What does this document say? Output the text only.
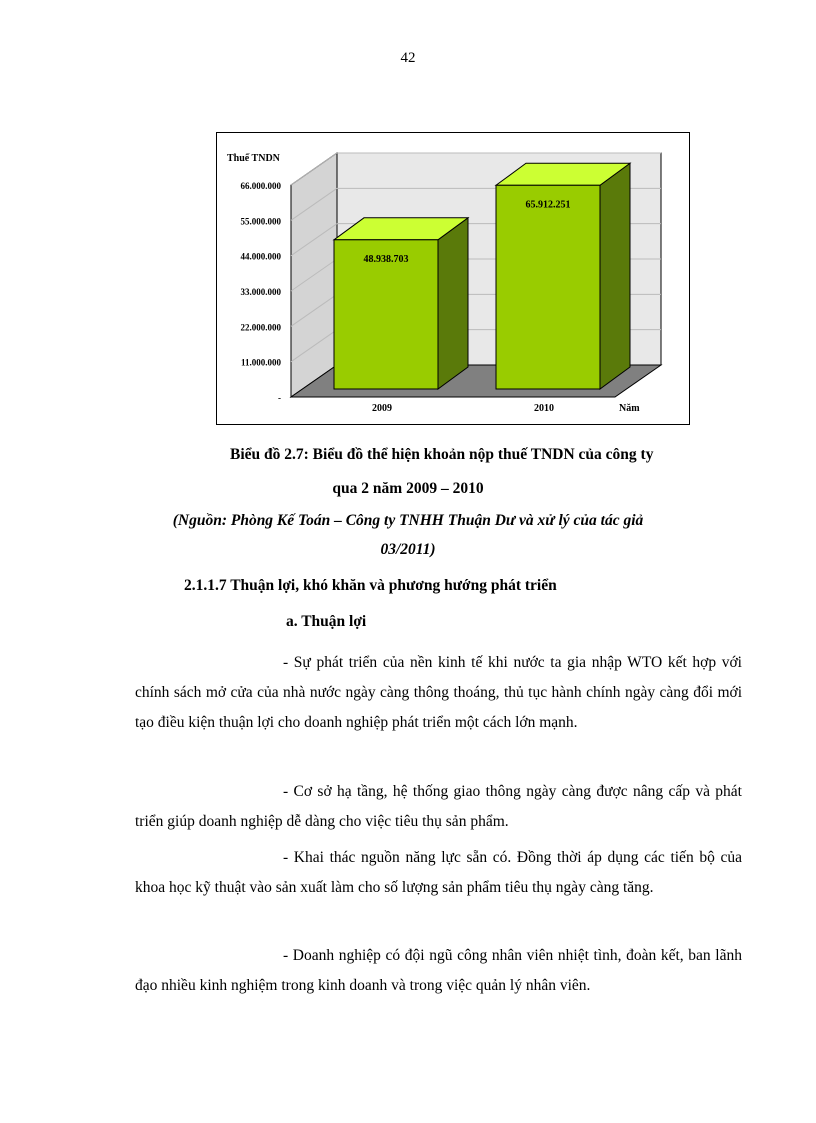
42
-
11.000.000
22.000.000
33.000.000
44.000.000
55.000.000
66.000.000
Thuế TNDN
48.938.703
2009
65.912.251
2010	Năm
Biểu đồ 2.7: Biểu đồ thể hiện khoản nộp thuế TNDN của công ty
qua 2 năm 2009 – 2010
(Nguồn: Phòng Kế Toán – Công ty TNHH Thuận Dư và xử lý của tác giả
03/2011)
2.1.1.7 Thuận lợi, khó khăn và phương hướng phát triển
a. Thuận lợi
- Sự phát triển của nền kinh tế khi nước ta gia nhập WTO kết hợp với chính sách mở cửa của nhà nước ngày càng thông thoáng, thủ tục hành chính ngày càng đổi mới tạo điều kiện thuận lợi cho doanh nghiệp phát triển một cách lớn mạnh.
- Cơ sở hạ tầng, hệ thống giao thông ngày càng được nâng cấp và phát triển giúp doanh nghiệp dễ dàng cho việc tiêu thụ sản phẩm.
- Khai thác nguồn năng lực sẵn có. Đồng thời áp dụng các tiến bộ của khoa học kỹ thuật vào sản xuất làm cho số lượng sản phẩm tiêu thụ ngày càng tăng.
- Doanh nghiệp có đội ngũ công nhân viên nhiệt tình, đoàn kết, ban lãnh đạo nhiều kinh nghiệm trong kinh doanh và trong việc quản lý nhân viên.
